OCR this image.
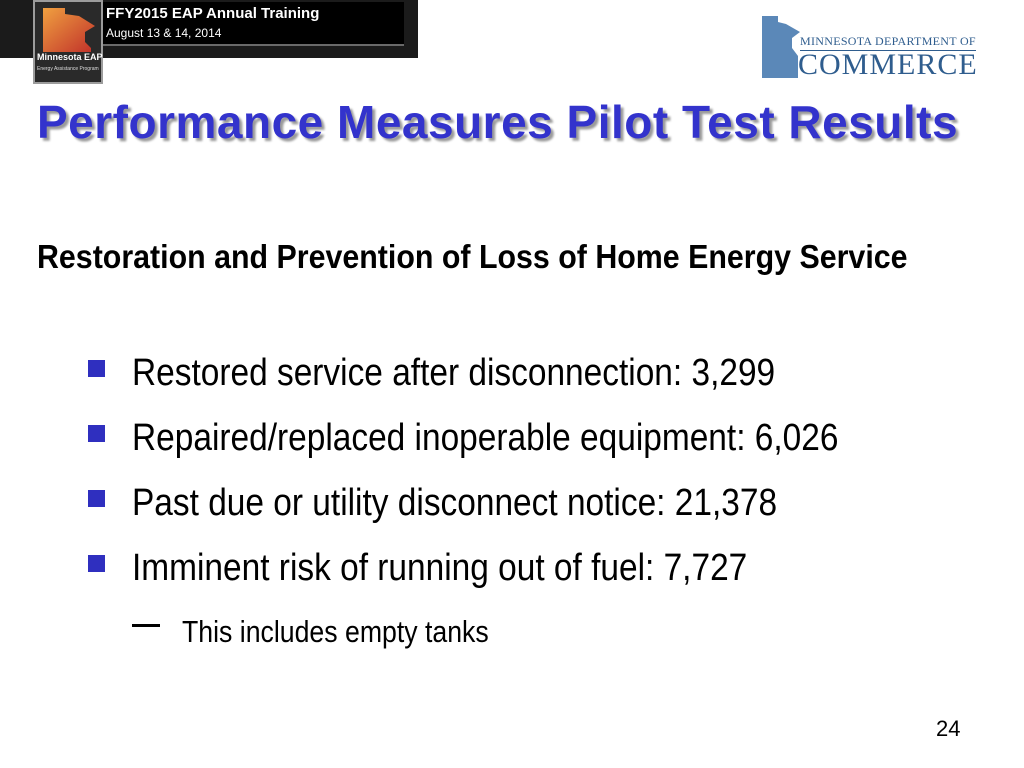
FFY2015 EAP Annual Training
August 13 & 14, 2014
Minnesota EAP
Energy Assistance Program
MINNESOTA DEPARTMENT OF
COMMERCE
Performance Measures Pilot Test Results
Restoration and Prevention of Loss of Home Energy Service
Restored service after disconnection: 3,299
Repaired/replaced inoperable equipment: 6,026
Past due or utility disconnect notice: 21,378
Imminent risk of running out of fuel: 7,727
This includes empty tanks
24
